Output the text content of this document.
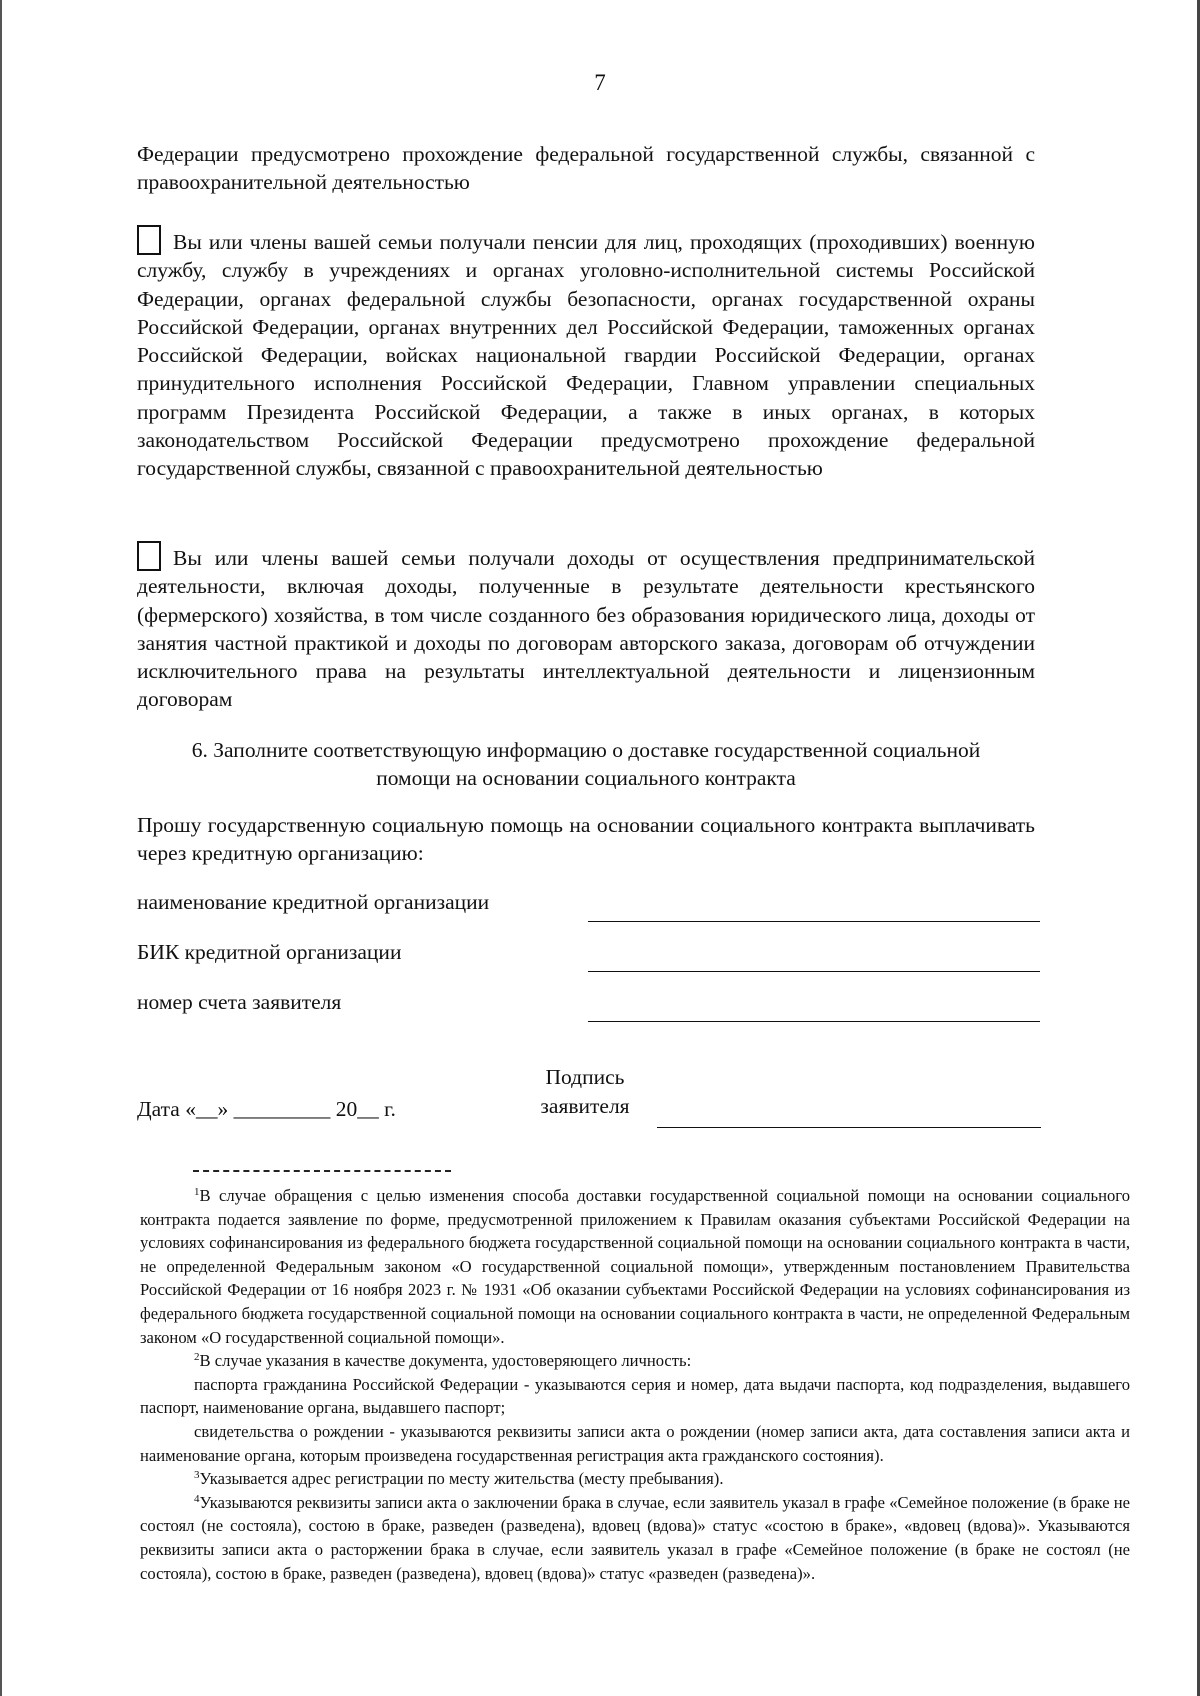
7
Федерации предусмотрено прохождение федеральной государственной службы, связанной с правоохранительной деятельностью
Вы или члены вашей семьи получали пенсии для лиц, проходящих (проходивших) военную службу, службу в учреждениях и органах уголовно-исполнительной системы Российской Федерации, органах федеральной службы безопасности, органах государственной охраны Российской Федерации, органах внутренних дел Российской Федерации, таможенных органах Российской Федерации, войсках национальной гвардии Российской Федерации, органах принудительного исполнения Российской Федерации, Главном управлении специальных программ Президента Российской Федерации, а также в иных органах, в которых законодательством Российской Федерации предусмотрено прохождение федеральной государственной службы, связанной с правоохранительной деятельностью
Вы или члены вашей семьи получали доходы от осуществления предпринимательской деятельности, включая доходы, полученные в результате деятельности крестьянского (фермерского) хозяйства, в том числе созданного без образования юридического лица, доходы от занятия частной практикой и доходы по договорам авторского заказа, договорам об отчуждении исключительного права на результаты интеллектуальной деятельности и лицензионным договорам
6. Заполните соответствующую информацию о доставке государственной социальной
помощи на основании социального контракта
Прошу государственную социальную помощь на основании социального контракта выплачивать через кредитную организацию:
наименование кредитной организации
БИК кредитной организации
номер счета заявителя
Дата «__» _________ 20__ г.
Подпись
заявителя

$^1$В случае обращения с целью изменения способа доставки государственной социальной помощи на основании социального контракта подается заявление по форме, предусмотренной приложением к Правилам оказания субъектами Российской Федерации на условиях софинансирования из федерального бюджета государственной социальной помощи на основании социального контракта в части, не определенной Федеральным законом «О государственной социальной помощи», утвержденным постановлением Правительства Российской Федерации от 16 ноября 2023 г. № 1931 «Об оказании субъектами Российской Федерации на условиях софинансирования из федерального бюджета государственной социальной помощи на основании социального контракта в части, не определенной Федеральным законом «О государственной социальной помощи».

$^2$В случае указания в качестве документа, удостоверяющего личность:

паспорта гражданина Российской Федерации - указываются серия и номер, дата выдачи паспорта, код подразделения, выдавшего паспорт, наименование органа, выдавшего паспорт;

свидетельства о рождении - указываются реквизиты записи акта о рождении (номер записи акта, дата составления записи акта и наименование органа, которым произведена государственная регистрация акта гражданского состояния).

$^3$Указывается адрес регистрации по месту жительства (месту пребывания).

$^4$Указываются реквизиты записи акта о заключении брака в случае, если заявитель указал в графе «Семейное положение (в браке не состоял (не состояла), состою в браке, разведен (разведена), вдовец (вдова)» статус «состою в браке», «вдовец (вдова)». Указываются реквизиты записи акта о расторжении брака в случае, если заявитель указал в графе «Семейное положение (в браке не состоял (не состояла), состою в браке, разведен (разведена), вдовец (вдова)» статус «разведен (разведена)».
